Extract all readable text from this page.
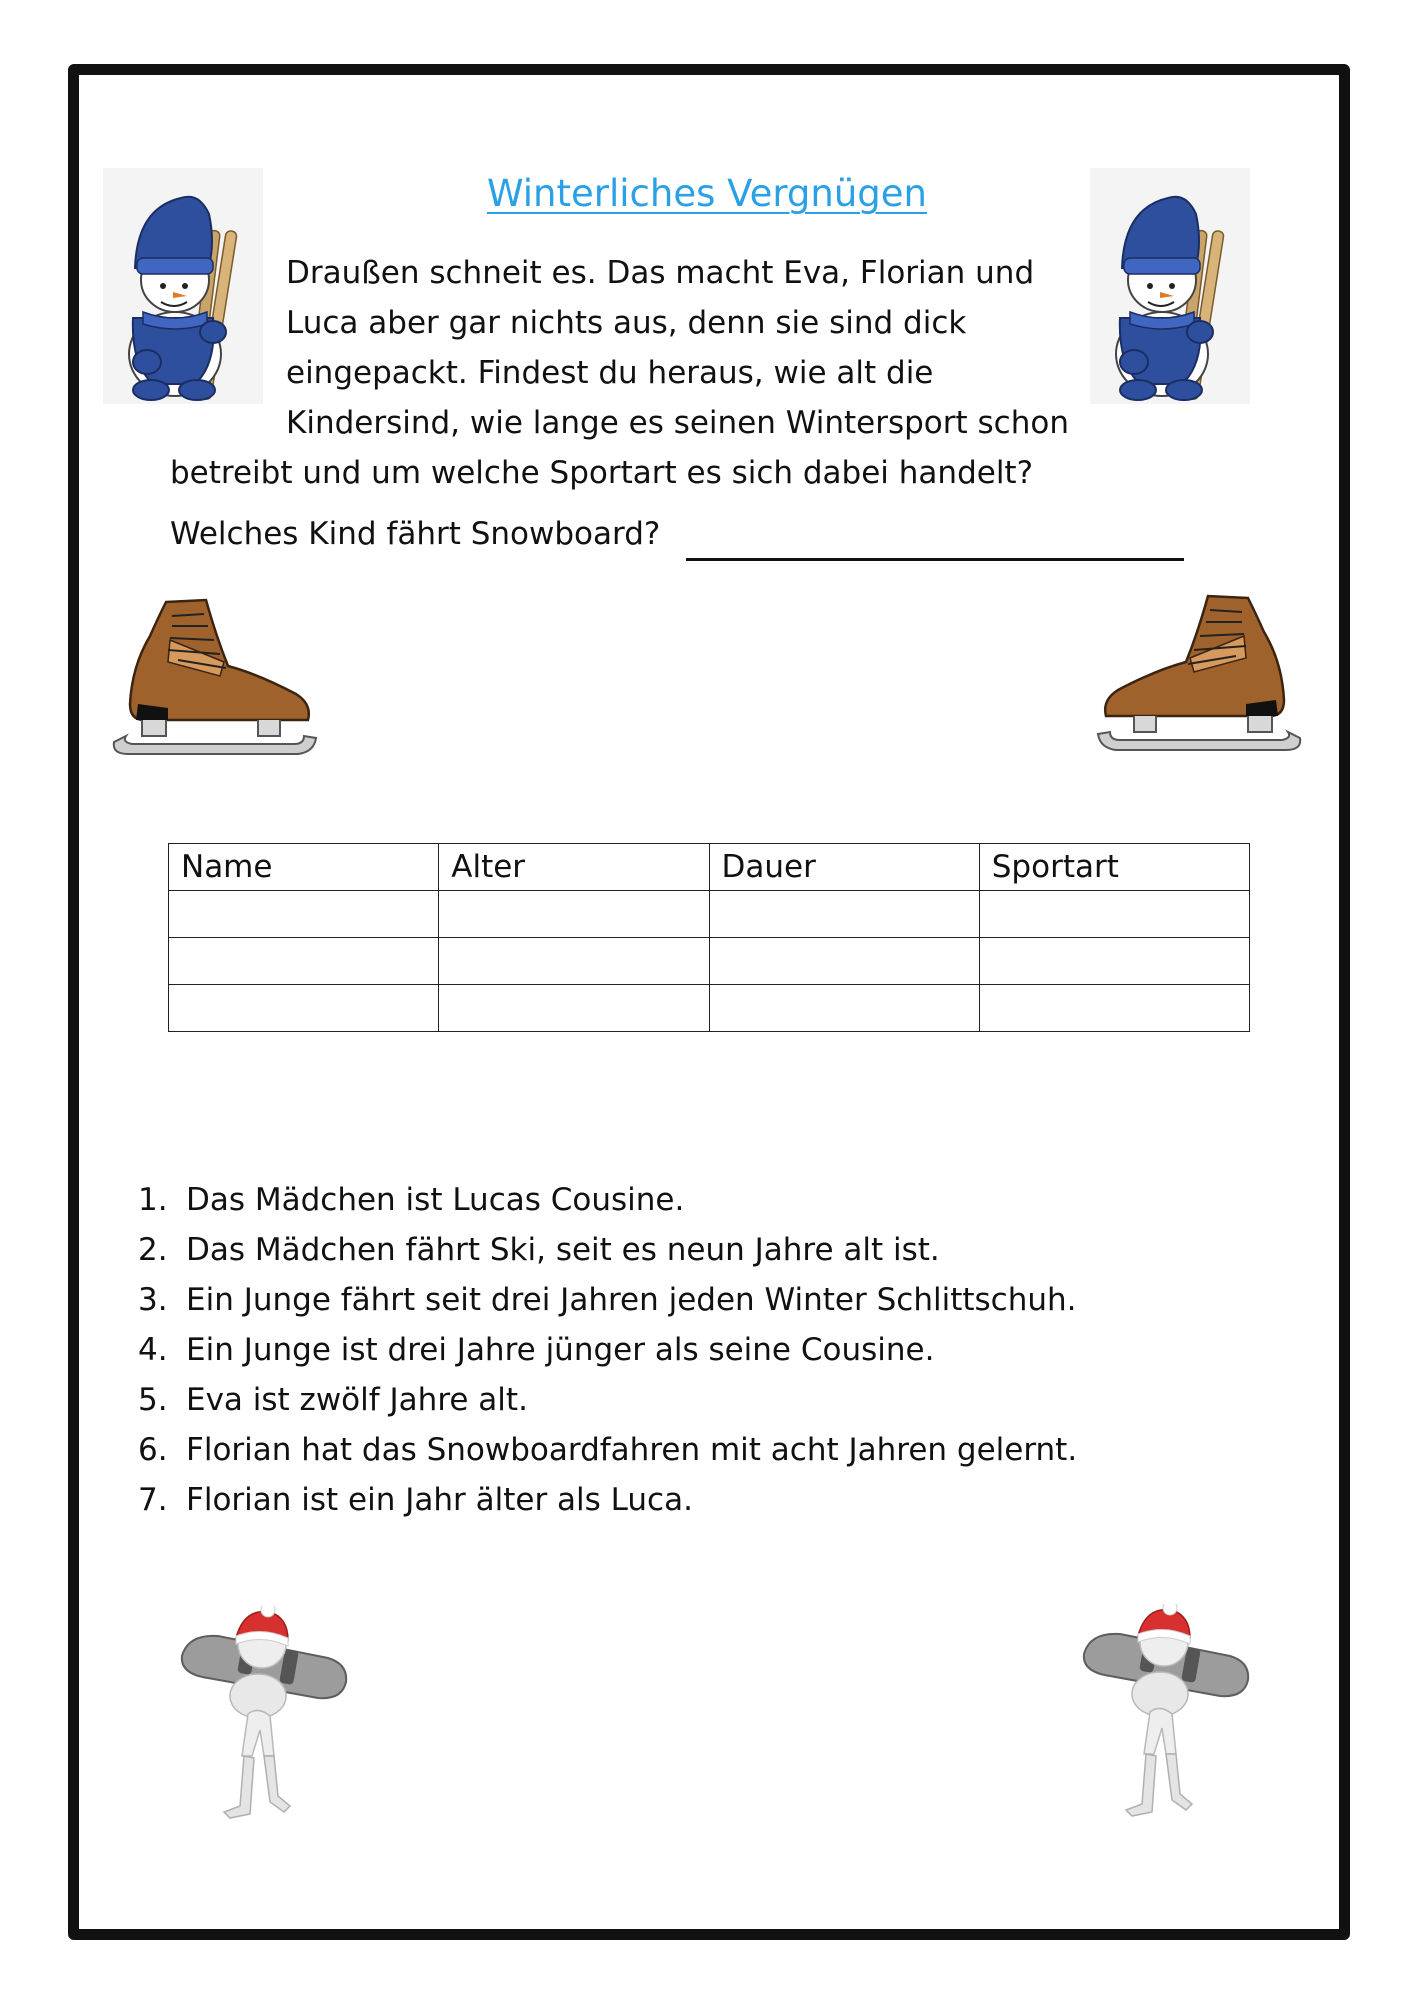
Winterliches Vergnügen
Draußen schneit es. Das macht Eva, Florian und
Luca aber gar nichts aus, denn sie sind dick
eingepackt. Findest du heraus, wie alt die
Kindersind, wie lange es seinen Wintersport schon
betreibt und um welche Sportart es sich dabei handelt?
Welches Kind fährt Snowboard?
Name	Alter	Dauer	Sportart

1. Das Mädchen ist Lucas Cousine.
2. Das Mädchen fährt Ski, seit es neun Jahre alt ist.
3. Ein Junge fährt seit drei Jahren jeden Winter Schlittschuh.
4. Ein Junge ist drei Jahre jünger als seine Cousine.
5. Eva ist zwölf Jahre alt.
6. Florian hat das Snowboardfahren mit acht Jahren gelernt.
7. Florian ist ein Jahr älter als Luca.
